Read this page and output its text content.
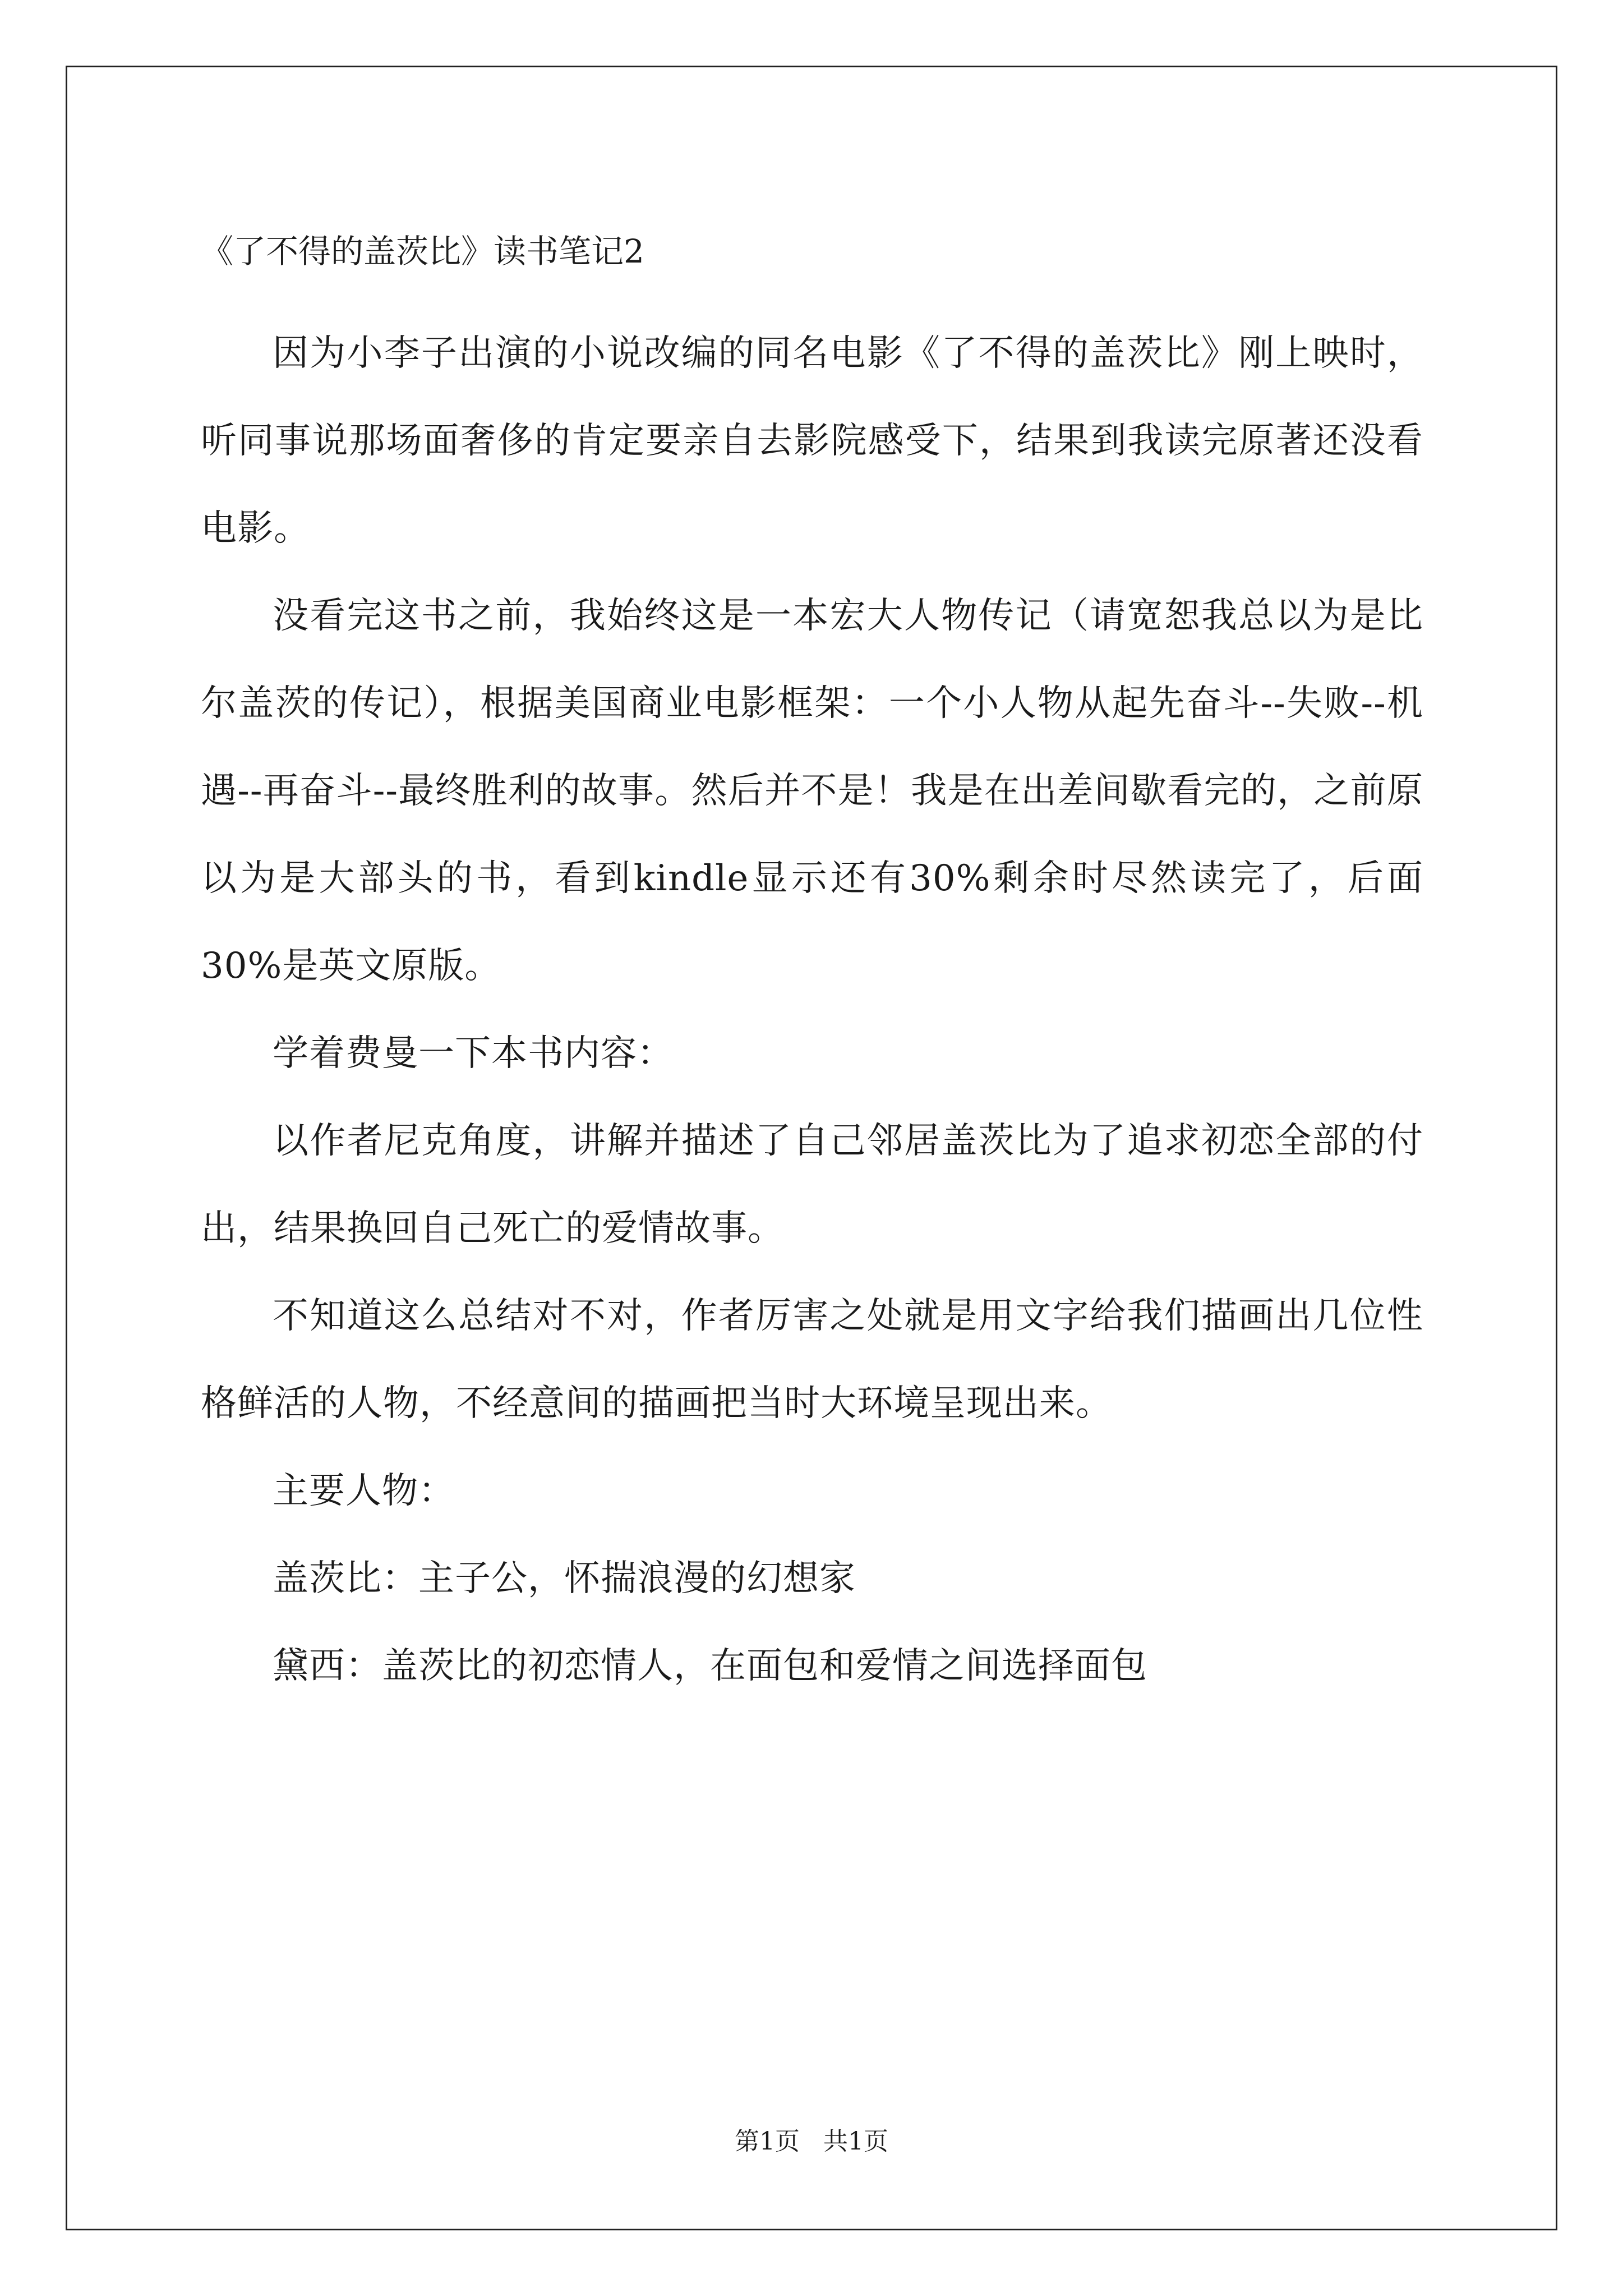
《了不得的盖茨比》读书笔记2

因为小李子出演的小说改编的同名电影《了不得的盖茨比》刚上映时，听同事说那场面奢侈的肯定要亲自去影院感受下，结果到我读完原著还没看电影。

没看完这书之前，我始终这是一本宏大人物传记（请宽恕我总以为是比尔盖茨的传记），根据美国商业电影框架：一个小人物从起先奋斗--失败--机遇--再奋斗--最终胜利的故事。然后并不是！我是在出差间歇看完的，之前原以为是大部头的书，看到kindle显示还有30%剩余时尽然读完了，后面30%是英文原版。

学着费曼一下本书内容：

以作者尼克角度，讲解并描述了自己邻居盖茨比为了追求初恋全部的付出，结果换回自己死亡的爱情故事。

不知道这么总结对不对，作者厉害之处就是用文字给我们描画出几位性格鲜活的人物，不经意间的描画把当时大环境呈现出来。

主要人物：

盖茨比：主子公，怀揣浪漫的幻想家

黛西：盖茨比的初恋情人，在面包和爱情之间选择面包

第1页   共1页
